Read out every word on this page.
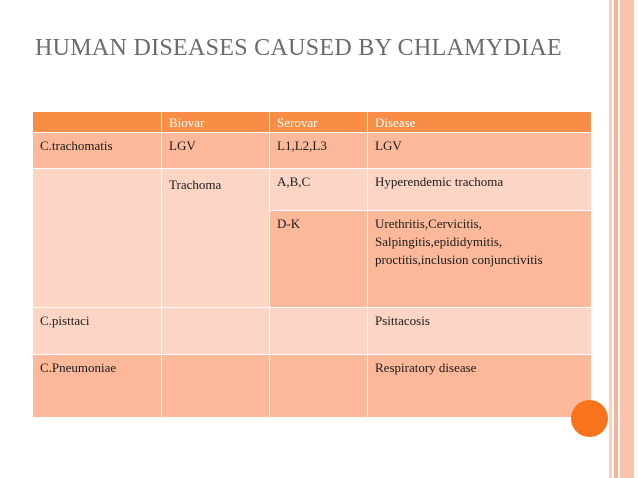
HUMAN DISEASES CAUSED BY CHLAMYDIAE
	Biovar	Serovar	Disease
C.trachomatis	LGV	L1,L2,L3	LGV

	Trachoma	A,B,C	Hyperendemic trachoma
		D-K	Urethritis,Cervicitis, Salpingitis,epididymitis, proctitis,inclusion conjunctivitis
C.pisttaci			Psittacosis
C.Pneumoniae			Respiratory disease
